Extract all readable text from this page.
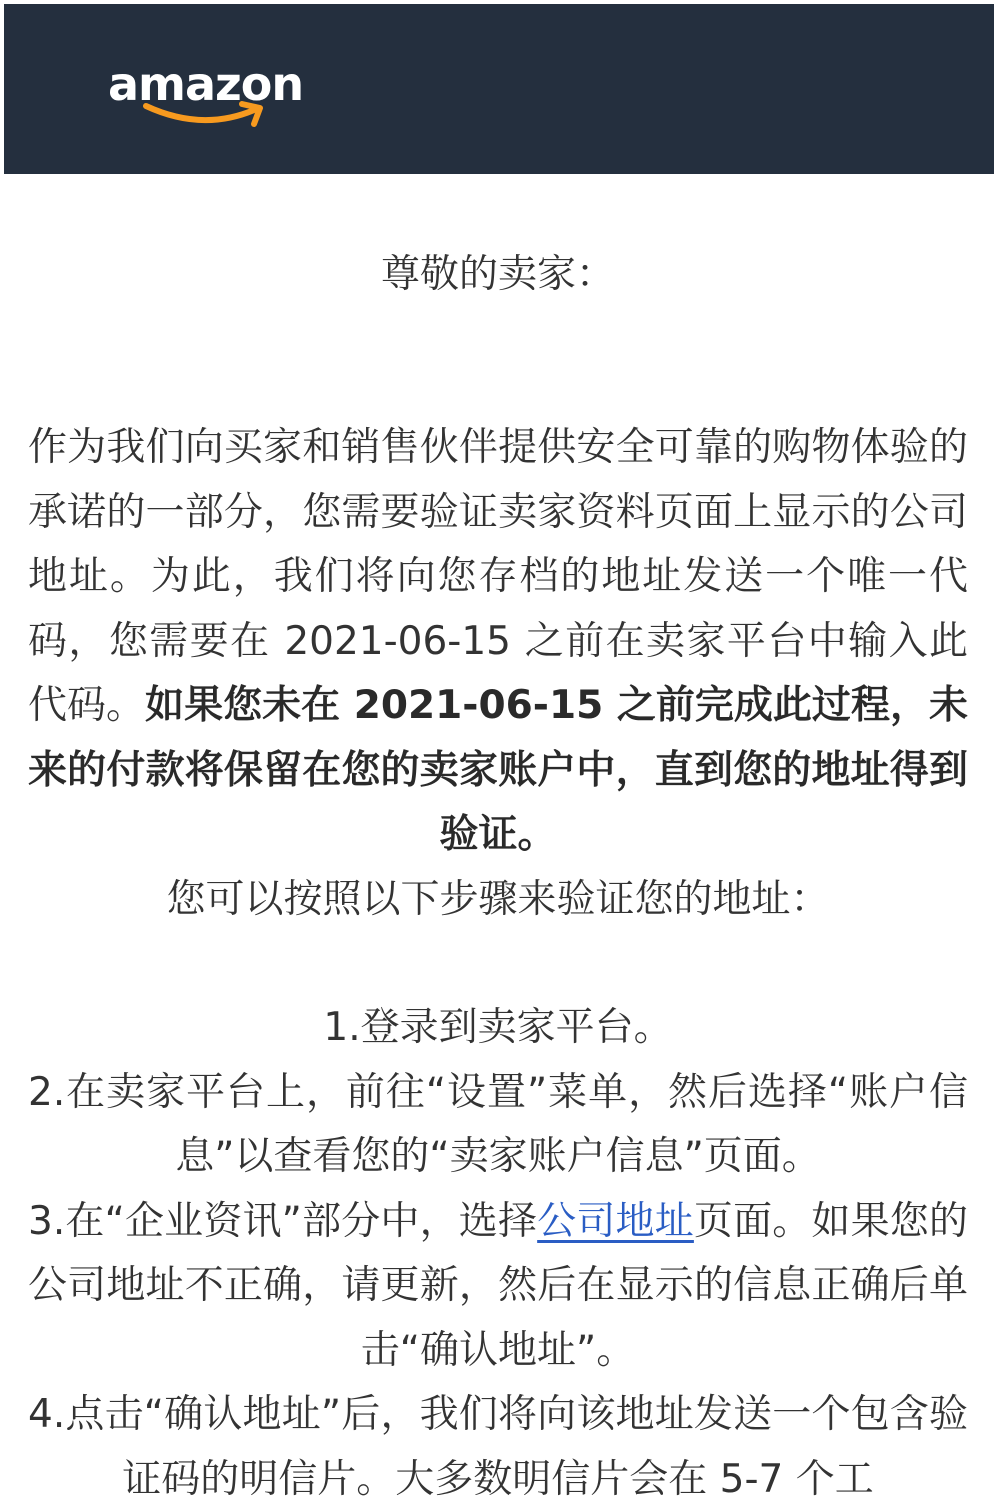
amazon

尊敬的卖家：

作为我们向买家和销售伙伴提供安全可靠的购物体验的承诺的一部分，您需要验证卖家资料页面上显示的公司地址。为此，我们将向您存档的地址发送一个唯一代码，您需要在 2021-06-15 之前在卖家平台中输入此代码。如果您未在 2021-06-15 之前完成此过程，未来的付款将保留在您的卖家账户中，直到您的地址得到验证。

您可以按照以下步骤来验证您的地址：

1.登录到卖家平台。

2.在卖家平台上，前往“设置”菜单，然后选择“账户信息”以查看您的“卖家账户信息”页面。

3.在“企业资讯”部分中，选择公司地址页面。如果您的公司地址不正确，请更新，然后在显示的信息正确后单击“确认地址”。

4.点击“确认地址”后，我们将向该地址发送一个包含验证码的明信片。大多数明信片会在 5-7 个工
